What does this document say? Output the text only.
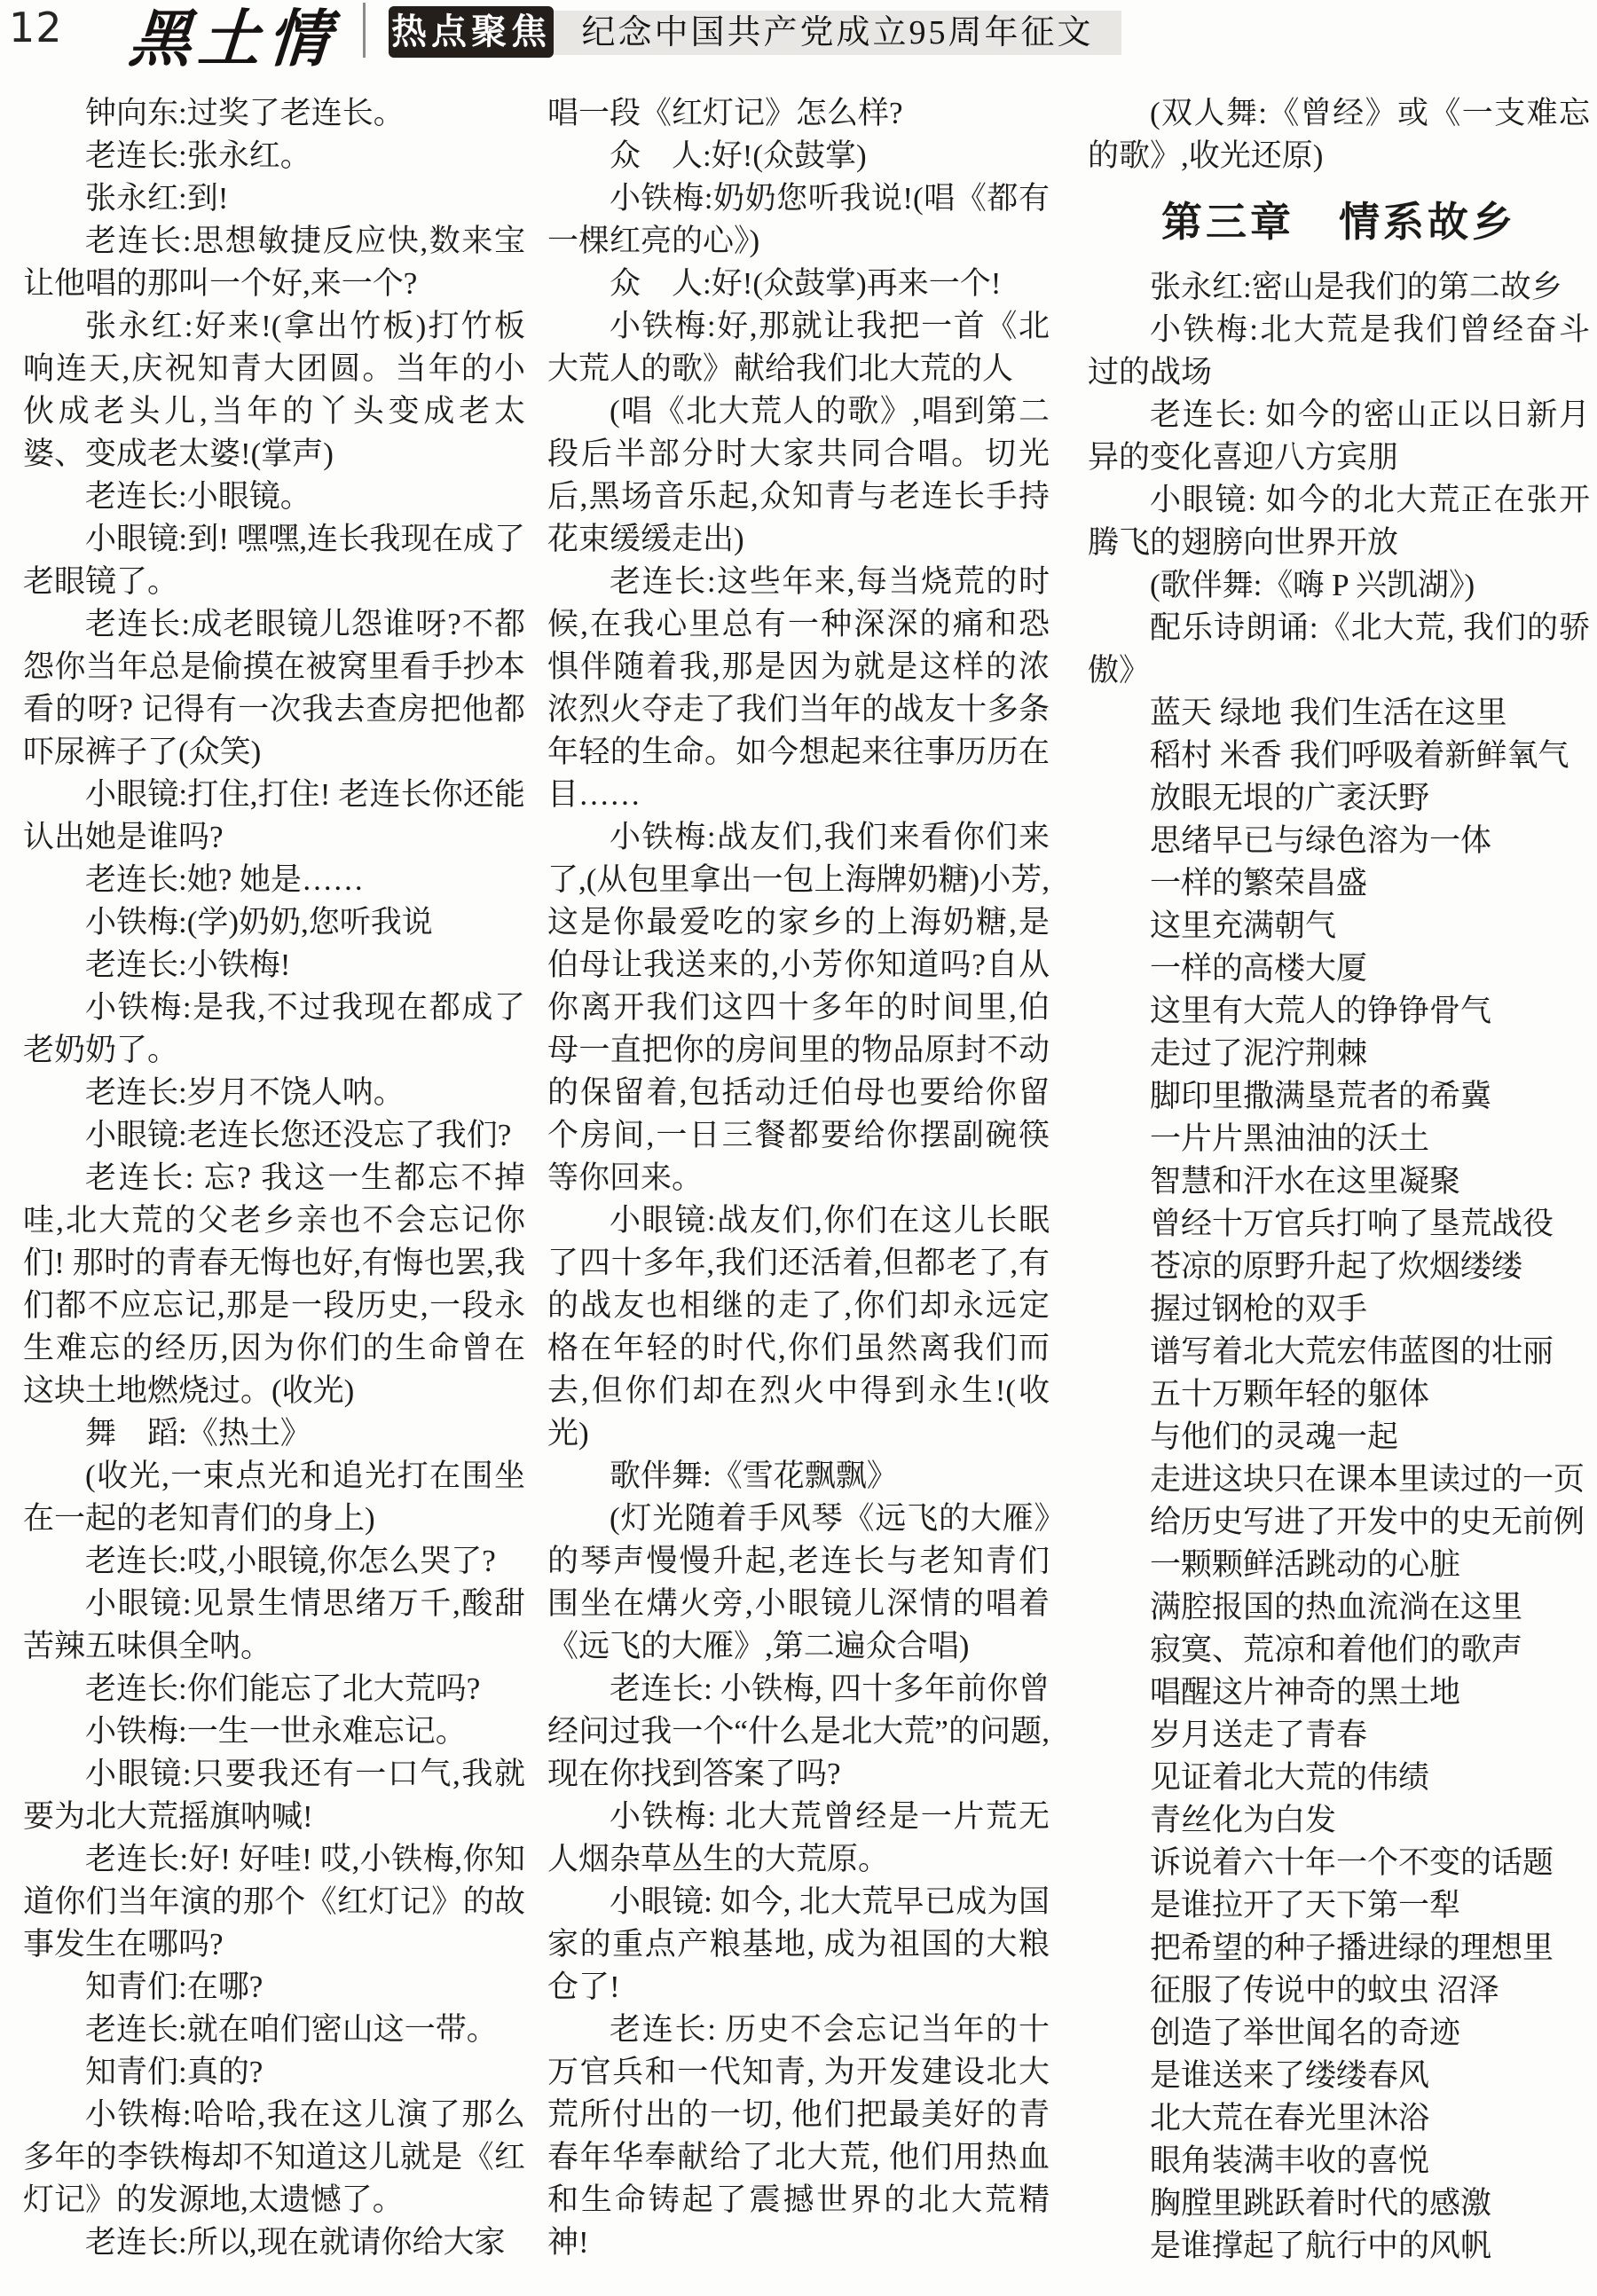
12 黑土情 热点聚焦 纪念中国共产党成立95周年征文

钟向东:过奖了老连长。

老连长:张永红。

张永红:到!

老连长:思想敏捷反应快,数来宝让他唱的那叫一个好,来一个?

张永红:好来!(拿出竹板)打竹板响连天,庆祝知青大团圆。当年的小伙成老头儿,当年的丫头变成老太婆、变成老太婆!(掌声)

老连长:小眼镜。

小眼镜:到! 嘿嘿,连长我现在成了老眼镜了。

老连长:成老眼镜儿怨谁呀?不都怨你当年总是偷摸在被窝里看手抄本看的呀? 记得有一次我去查房把他都吓尿裤子了(众笑)

小眼镜:打住,打住! 老连长你还能认出她是谁吗?

老连长:她? 她是……

小铁梅:(学)奶奶,您听我说

老连长:小铁梅!

小铁梅:是我,不过我现在都成了老奶奶了。

老连长:岁月不饶人呐。

小眼镜:老连长您还没忘了我们?

老连长: 忘? 我这一生都忘不掉哇,北大荒的父老乡亲也不会忘记你们! 那时的青春无悔也好,有悔也罢,我们都不应忘记,那是一段历史,一段永生难忘的经历,因为你们的生命曾在这块土地燃烧过。(收光)

舞　蹈:《热土》

(收光,一束点光和追光打在围坐在一起的老知青们的身上)

老连长:哎,小眼镜,你怎么哭了?

小眼镜:见景生情思绪万千,酸甜苦辣五味俱全呐。

老连长:你们能忘了北大荒吗?

小铁梅:一生一世永难忘记。

小眼镜:只要我还有一口气,我就要为北大荒摇旗呐喊!

老连长:好! 好哇! 哎,小铁梅,你知道你们当年演的那个《红灯记》的故事发生在哪吗?

知青们:在哪?

老连长:就在咱们密山这一带。

知青们:真的?

小铁梅:哈哈,我在这儿演了那么多年的李铁梅却不知道这儿就是《红灯记》的发源地,太遗憾了。

老连长:所以,现在就请你给大家

唱一段《红灯记》怎么样?

众　人:好!(众鼓掌)

小铁梅:奶奶您听我说!(唱《都有一棵红亮的心》)

众　人:好!(众鼓掌)再来一个!

小铁梅:好,那就让我把一首《北大荒人的歌》献给我们北大荒的人

(唱《北大荒人的歌》,唱到第二段后半部分时大家共同合唱。切光后,黑场音乐起,众知青与老连长手持花束缓缓走出)

老连长:这些年来,每当烧荒的时候,在我心里总有一种深深的痛和恐惧伴随着我,那是因为就是这样的浓浓烈火夺走了我们当年的战友十多条年轻的生命。如今想起来往事历历在目……

小铁梅:战友们,我们来看你们来了,(从包里拿出一包上海牌奶糖)小芳,这是你最爱吃的家乡的上海奶糖,是伯母让我送来的,小芳你知道吗?自从你离开我们这四十多年的时间里,伯母一直把你的房间里的物品原封不动的保留着,包括动迁伯母也要给你留个房间,一日三餐都要给你摆副碗筷等你回来。

小眼镜:战友们,你们在这儿长眠了四十多年,我们还活着,但都老了,有的战友也相继的走了,你们却永远定格在年轻的时代,你们虽然离我们而去,但你们却在烈火中得到永生!(收光)

歌伴舞:《雪花飘飘》

(灯光随着手风琴《远飞的大雁》的琴声慢慢升起,老连长与老知青们围坐在煹火旁,小眼镜儿深情的唱着《远飞的大雁》,第二遍众合唱)

老连长: 小铁梅, 四十多年前你曾经问过我一个“什么是北大荒”的问题,现在你找到答案了吗?

小铁梅: 北大荒曾经是一片荒无人烟杂草丛生的大荒原。

小眼镜: 如今, 北大荒早已成为国家的重点产粮基地, 成为祖国的大粮仓了!

老连长: 历史不会忘记当年的十万官兵和一代知青, 为开发建设北大荒所付出的一切, 他们把最美好的青春年华奉献给了北大荒, 他们用热血和生命铸起了震撼世界的北大荒精神!

(双人舞:《曾经》或《一支难忘的歌》,收光还原)

第三章　情系故乡

张永红:密山是我们的第二故乡

小铁梅:北大荒是我们曾经奋斗过的战场

老连长: 如今的密山正以日新月异的变化喜迎八方宾朋

小眼镜: 如今的北大荒正在张开腾飞的翅膀向世界开放

(歌伴舞:《嗨 P 兴凯湖》)

配乐诗朗诵:《北大荒, 我们的骄傲》

蓝天 绿地 我们生活在这里

稻村 米香 我们呼吸着新鲜氧气

放眼无垠的广袤沃野

思绪早已与绿色溶为一体

一样的繁荣昌盛

这里充满朝气

一样的高楼大厦

这里有大荒人的铮铮骨气

走过了泥泞荆棘

脚印里撒满垦荒者的希冀

一片片黑油油的沃土

智慧和汗水在这里凝聚

曾经十万官兵打响了垦荒战役

苍凉的原野升起了炊烟缕缕

握过钢枪的双手

谱写着北大荒宏伟蓝图的壮丽

五十万颗年轻的躯体

与他们的灵魂一起

走进这块只在课本里读过的一页

给历史写进了开发中的史无前例

一颗颗鲜活跳动的心脏

满腔报国的热血流淌在这里

寂寞、荒凉和着他们的歌声

唱醒这片神奇的黑土地

岁月送走了青春

见证着北大荒的伟绩

青丝化为白发

诉说着六十年一个不变的话题

是谁拉开了天下第一犁

把希望的种子播进绿的理想里

征服了传说中的蚊虫 沼泽

创造了举世闻名的奇迹

是谁送来了缕缕春风

北大荒在春光里沐浴

眼角装满丰收的喜悦

胸膛里跳跃着时代的感激

是谁撑起了航行中的风帆
